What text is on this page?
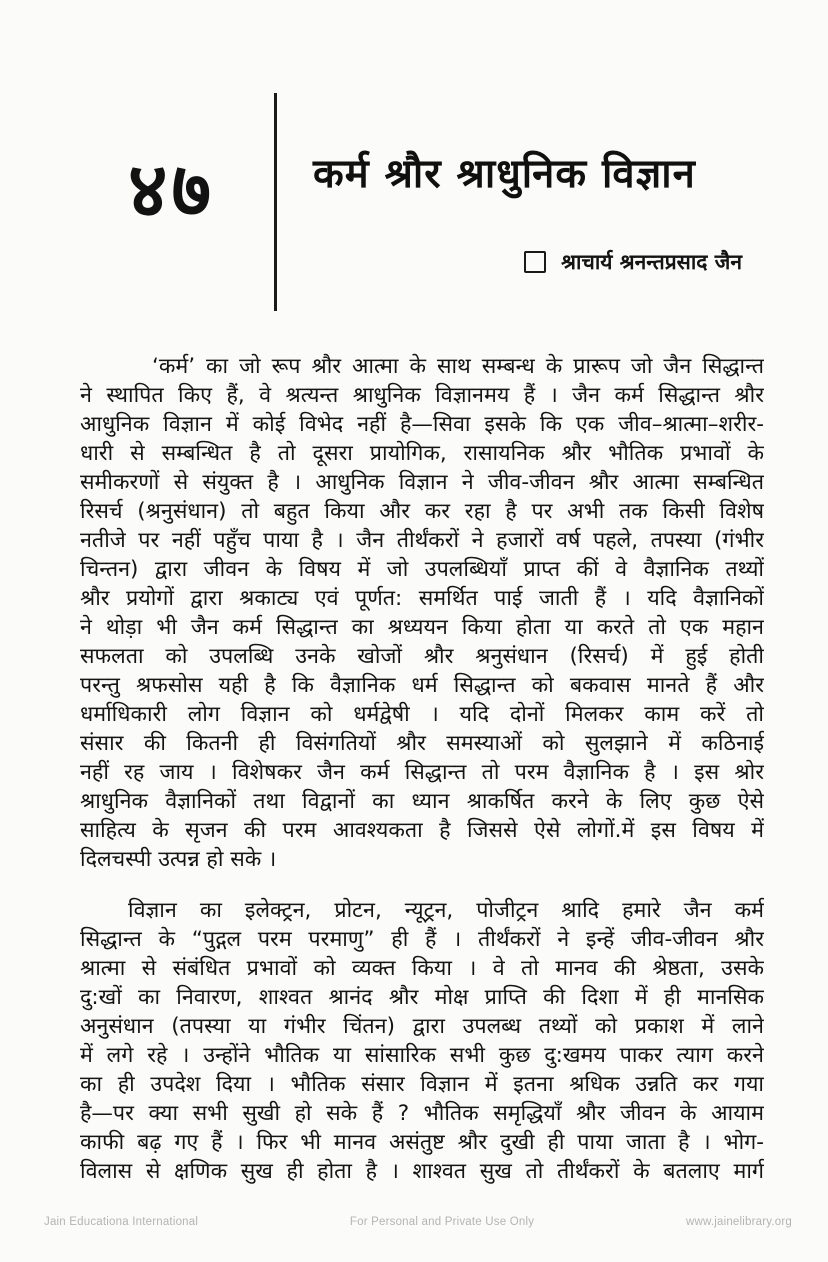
४७ कर्म श्रौर श्राधुनिक विज्ञान
श्राचार्य श्रनन्तप्रसाद जैन
‘कर्म’ का जो रूप श्रौर आत्मा के साथ सम्बन्ध के प्रारूप जो जैन सिद्धान्त
ने स्थापित किए हैं, वे श्रत्यन्त श्राधुनिक विज्ञानमय हैं । जैन कर्म सिद्धान्त श्रौर
आधुनिक विज्ञान में कोई विभेद नहीं है—सिवा इसके कि एक जीव–श्रात्मा–शरीर-
धारी से सम्बन्धित है तो दूसरा प्रायोगिक, रासायनिक श्रौर भौतिक प्रभावों के
समीकरणों से संयुक्त है । आधुनिक विज्ञान ने जीव-जीवन श्रौर आत्मा सम्बन्धित
रिसर्च (श्रनुसंधान) तो बहुत किया और कर रहा है पर अभी तक किसी विशेष
नतीजे पर नहीं पहुँच पाया है । जैन तीर्थंकरों ने हजारों वर्ष पहले, तपस्या (गंभीर
चिन्तन) द्वारा जीवन के विषय में जो उपलब्धियाँ प्राप्त कीं वे वैज्ञानिक तथ्यों
श्रौर प्रयोगों द्वारा श्रकाट्य एवं पूर्णत: समर्थित पाई जाती हैं । यदि वैज्ञानिकों
ने थोड़ा भी जैन कर्म सिद्धान्त का श्रध्ययन किया होता या करते तो एक महान
सफलता को उपलब्धि उनके खोजों श्रौर श्रनुसंधान (रिसर्च) में हुई होती
परन्तु श्रफसोस यही है कि वैज्ञानिक धर्म सिद्धान्त को बकवास मानते हैं और
धर्माधिकारी लोग विज्ञान को धर्मद्वेषी । यदि दोनों मिलकर काम करें तो
संसार की कितनी ही विसंगतियों श्रौर समस्याओं को सुलझाने में कठिनाई
नहीं रह जाय । विशेषकर जैन कर्म सिद्धान्त तो परम वैज्ञानिक है । इस श्रोर
श्राधुनिक वैज्ञानिकों तथा विद्वानों का ध्यान श्राकर्षित करने के लिए कुछ ऐसे
साहित्य के सृजन की परम आवश्यकता है जिससे ऐसे लोगों.में इस विषय में
दिलचस्पी उत्पन्न हो सके ।
विज्ञान का इलेक्ट्रन, प्रोटन, न्यूट्रन, पोजीट्रन श्रादि हमारे जैन कर्म
सिद्धान्त के “पुद्गल परम परमाणु” ही हैं । तीर्थंकरों ने इन्हें जीव-जीवन श्रौर
श्रात्मा से संबंधित प्रभावों को व्यक्त किया । वे तो मानव की श्रेष्ठता, उसके
दु:खों का निवारण, शाश्वत श्रानंद श्रौर मोक्ष प्राप्ति की दिशा में ही मानसिक
अनुसंधान (तपस्या या गंभीर चिंतन) द्वारा उपलब्ध तथ्यों को प्रकाश में लाने
में लगे रहे । उन्होंने भौतिक या सांसारिक सभी कुछ दु:खमय पाकर त्याग करने
का ही उपदेश दिया । भौतिक संसार विज्ञान में इतना श्रधिक उन्नति कर गया
है—पर क्या सभी सुखी हो सके हैं ? भौतिक समृद्धियाँ श्रौर जीवन के आयाम
काफी बढ़ गए हैं । फिर भी मानव असंतुष्ट श्रौर दुखी ही पाया जाता है । भोग-
विलास से क्षणिक सुख ही होता है । शाश्वत सुख तो तीर्थंकरों के बतलाए मार्ग
Jain Educationa International	For Personal and Private Use Only	www.jainelibrary.org
